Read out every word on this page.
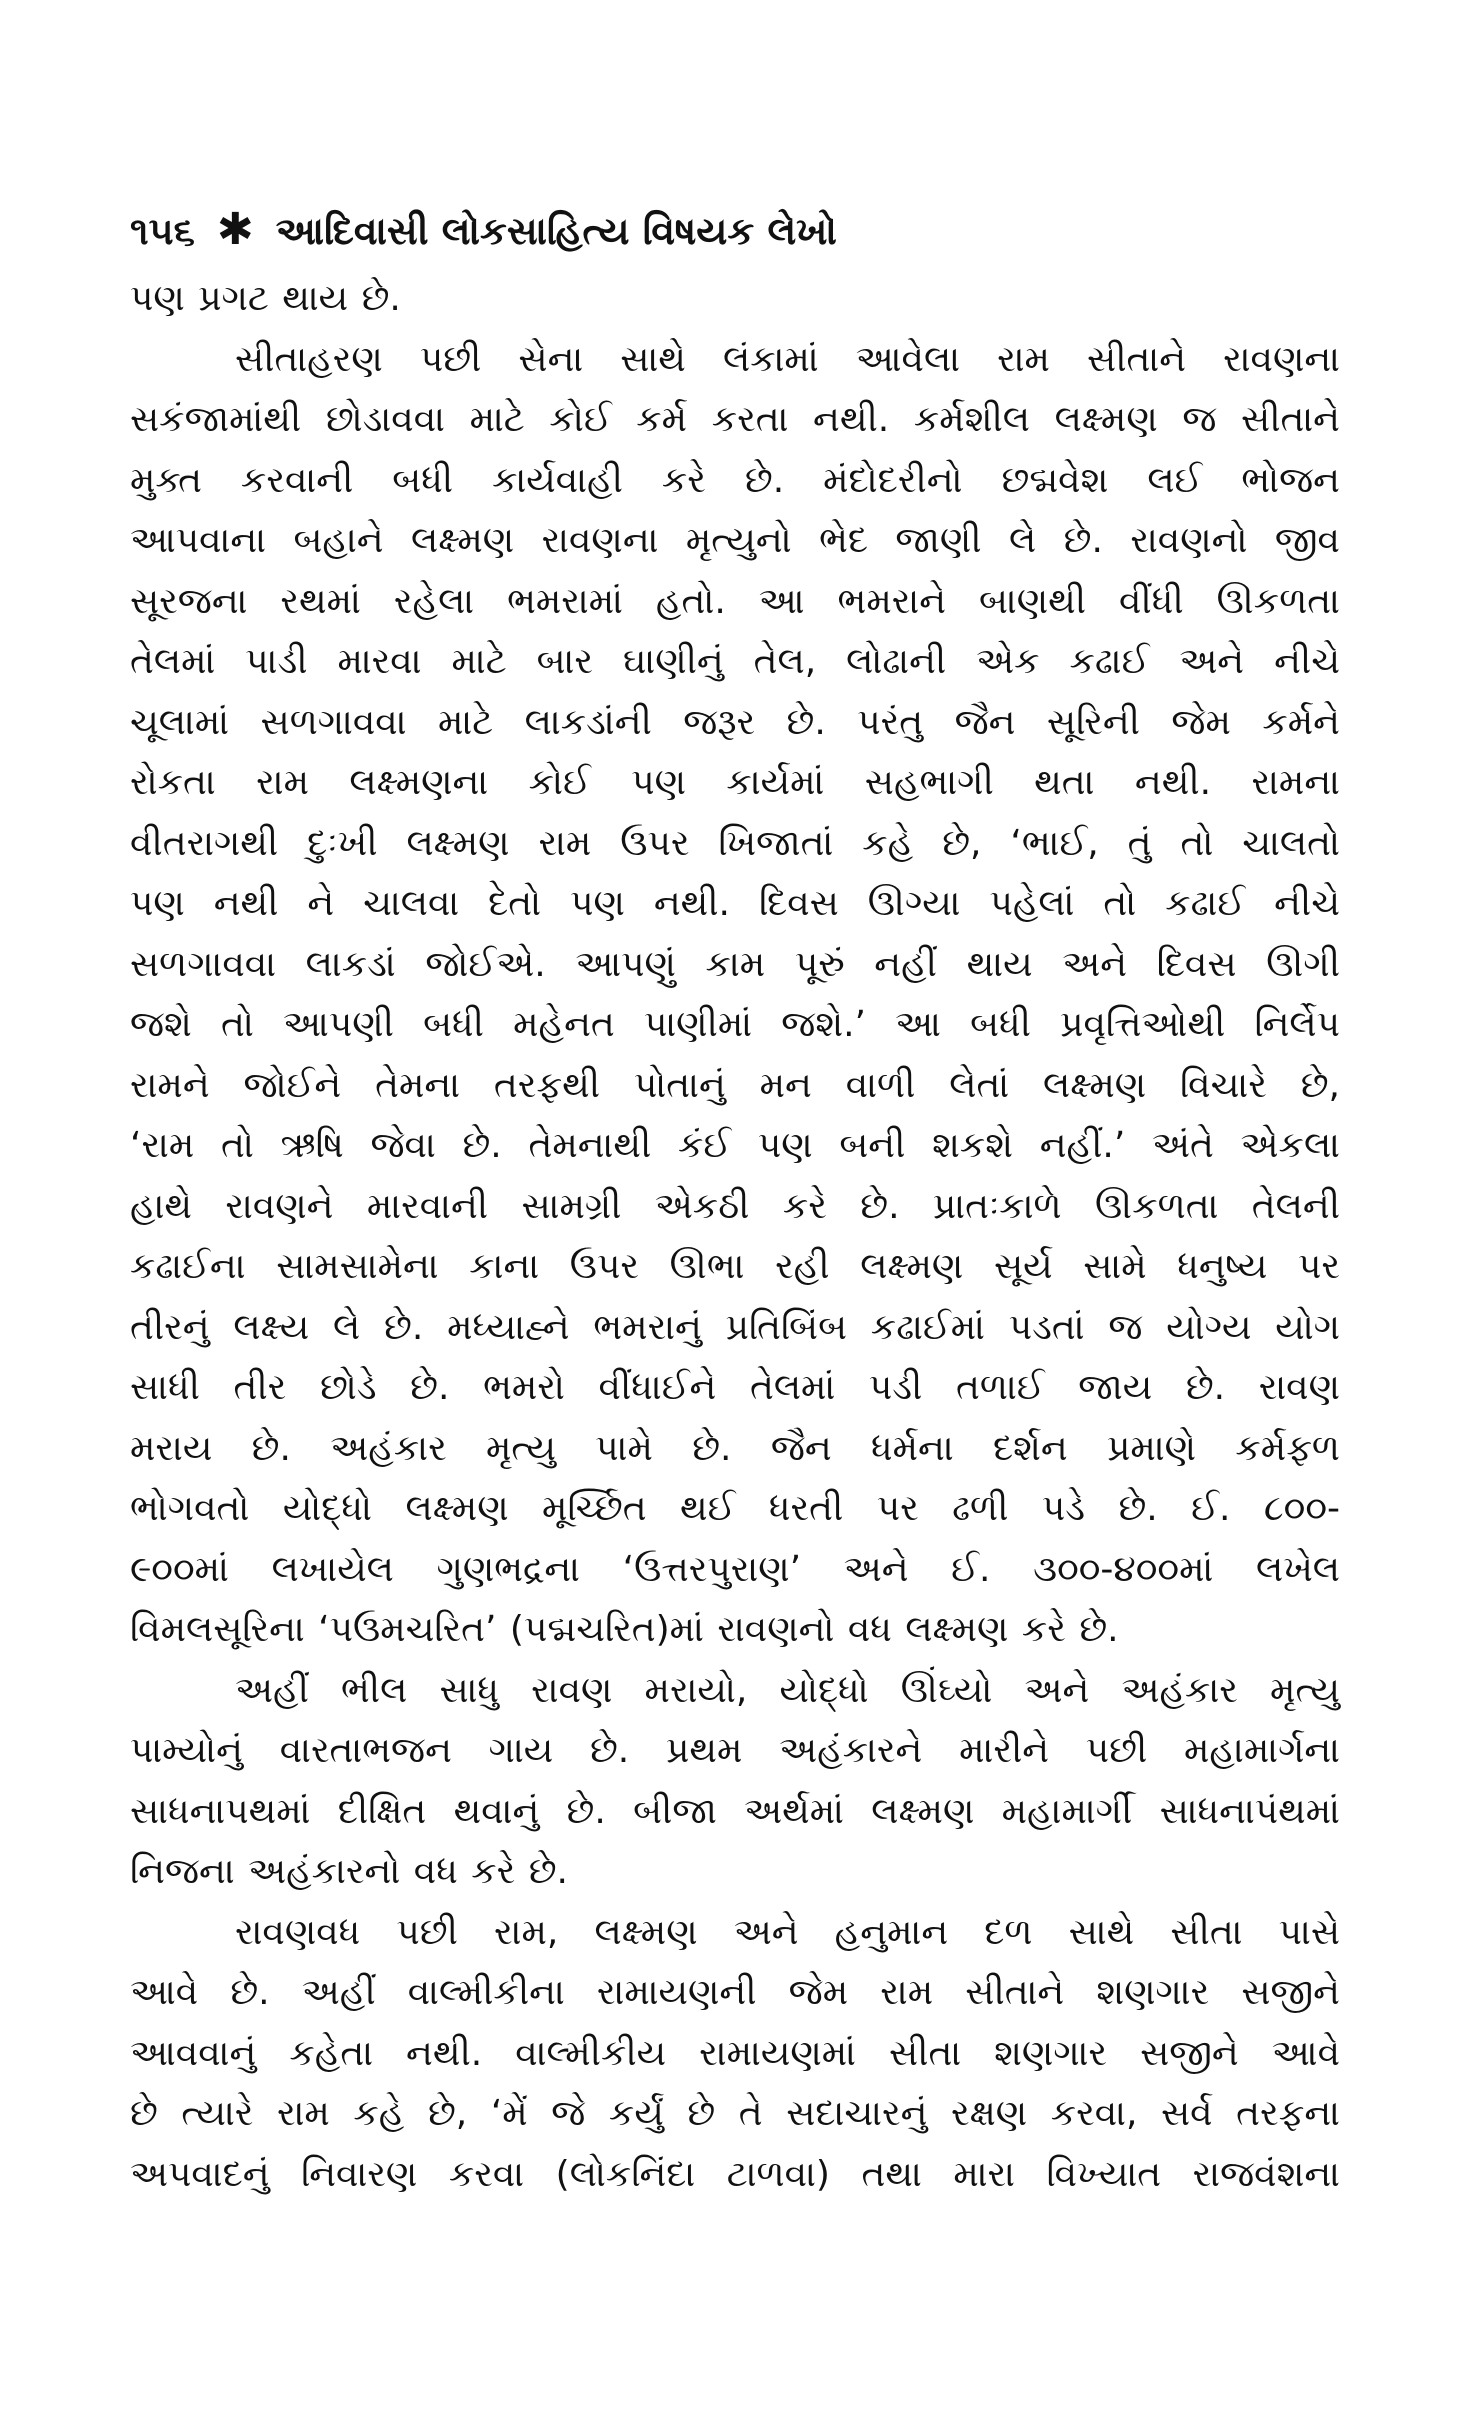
૧૫૬ ✱ આદિવાસી લોકસાહિત્ય વિષયક લેખો
પણ પ્રગટ થાય છે.
સીતાહરણ પછી સેના સાથે લંકામાં આવેલા રામ સીતાને રાવણના
સકંજામાંથી છોડાવવા માટે કોઈ કર્મ કરતા નથી. કર્મશીલ લક્ષ્મણ જ સીતાને
મુક્ત કરવાની બધી કાર્યવાહી કરે છે. મંદોદરીનો છદ્મવેશ લઈ ભોજન
આપવાના બહાને લક્ષ્મણ રાવણના મૃત્યુનો ભેદ જાણી લે છે. રાવણનો જીવ
સૂરજના રથમાં રહેલા ભમરામાં હતો. આ ભમરાને બાણથી વીંધી ઊકળતા
તેલમાં પાડી મારવા માટે બાર ઘાણીનું તેલ, લોઢાની એક કઢાઈ અને નીચે
ચૂલામાં સળગાવવા માટે લાકડાંની જરૂર છે. પરંતુ જૈન સૂરિની જેમ કર્મને
રોકતા રામ લક્ષ્મણના કોઈ પણ કાર્યમાં સહભાગી થતા નથી. રામના
વીતરાગથી દુઃખી લક્ષ્મણ રામ ઉપર ખિજાતાં કહે છે, ‘ભાઈ, તું તો ચાલતો
પણ નથી ને ચાલવા દેતો પણ નથી. દિવસ ઊગ્યા પહેલાં તો કઢાઈ નીચે
સળગાવવા લાકડાં જોઈએ. આપણું કામ પૂરું નહીં થાય અને દિવસ ઊગી
જશે તો આપણી બધી મહેનત પાણીમાં જશે.’ આ બધી પ્રવૃત્તિઓથી નિર્લેપ
રામને જોઈને તેમના તરફથી પોતાનું મન વાળી લેતાં લક્ષ્મણ વિચારે છે,
‘રામ તો ઋષિ જેવા છે. તેમનાથી કંઈ પણ બની શકશે નહીં.’ અંતે એકલા
હાથે રાવણને મારવાની સામગ્રી એકઠી કરે છે. પ્રાતઃકાળે ઊકળતા તેલની
કઢાઈના સામસામેના કાના ઉપર ઊભા રહી લક્ષ્મણ સૂર્ય સામે ધનુષ્ય પર
તીરનું લક્ષ્ય લે છે. મધ્યાહ્ને ભમરાનું પ્રતિબિંબ કઢાઈમાં પડતાં જ યોગ્ય યોગ
સાધી તીર છોડે છે. ભમરો વીંધાઈને તેલમાં પડી તળાઈ જાય છે. રાવણ
મરાય છે. અહંકાર મૃત્યુ પામે છે. જૈન ધર્મના દર્શન પ્રમાણે કર્મફળ
ભોગવતો યોદ્ધો લક્ષ્મણ મૂર્ચ્છિત થઈ ધરતી પર ઢળી પડે છે. ઈ. ૮૦૦-
૯૦૦માં લખાયેલ ગુણભદ્રના ‘ઉત્તરપુરાણ’ અને ઈ. ૩૦૦-૪૦૦માં લખેલ
વિમલસૂરિના ‘પઉમચરિત’ (પદ્મચરિત)માં રાવણનો વધ લક્ષ્મણ કરે છે.
અહીં ભીલ સાધુ રાવણ મરાયો, યોદ્ધો ઊંઘ્યો અને અહંકાર મૃત્યુ
પામ્યોનું વારતાભજન ગાય છે. પ્રથમ અહંકારને મારીને પછી મહામાર્ગના
સાધનાપથમાં દીક્ષિત થવાનું છે. બીજા અર્થમાં લક્ષ્મણ મહામાર્ગી સાધનાપંથમાં
નિજના અહંકારનો વધ કરે છે.
રાવણવધ પછી રામ, લક્ષ્મણ અને હનુમાન દળ સાથે સીતા પાસે
આવે છે. અહીં વાલ્મીકીના રામાયણની જેમ રામ સીતાને શણગાર સજીને
આવવાનું કહેતા નથી. વાલ્મીકીય રામાયણમાં સીતા શણગાર સજીને આવે
છે ત્યારે રામ કહે છે, ‘મેં જે કર્યું છે તે સદાચારનું રક્ષણ કરવા, સર્વ તરફના
અપવાદનું નિવારણ કરવા (લોકનિંદા ટાળવા) તથા મારા વિખ્યાત રાજવંશના
